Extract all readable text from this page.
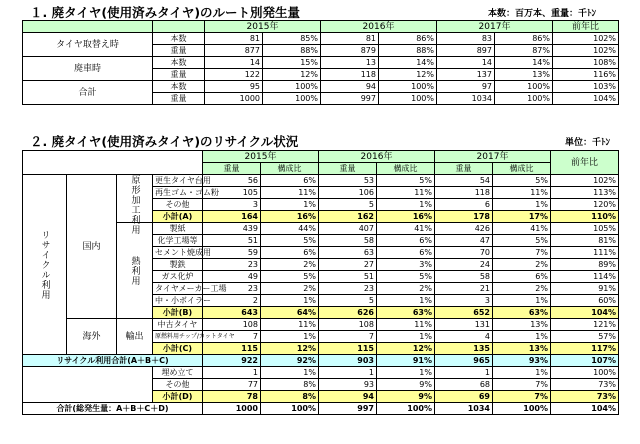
１. 廃タイヤ(使用済みタイヤ)のルート別発生量	本数：百万本、重量：千ﾄﾝ
		2015年		2016年		2017年		前年比
タイヤ取替え時	本数	81	85%	81	86%	83	86%	102%
	重量	877	88%	879	88%	897	87%	102%
廃車時	本数	14	15%	13	14%	14	14%	108%
	重量	122	12%	118	12%	137	13%	116%
合計	本数	95	100%	94	100%	97	100%	103%
	重量	1000	100%	997	100%	1034	100%	104%
２. 廃タイヤ(使用済みタイヤ)のリサイクル状況	単位：千ﾄﾝ
				2015年		2016年		2017年		前年比
				重量	構成比	重量	構成比	重量	構成比	
リサイクル利用	国内	原形加工利用	更生タイヤ台用	56	6%	53	5%	54	5%	102%
			再生ゴム・ゴム粉	105	11%	106	11%	118	11%	113%
			その他	3	1%	5	1%	6	1%	120%
			小計(A)	164	16%	162	16%	178	17%	110%
		熱利用	製紙	439	44%	407	41%	426	41%	105%
			化学工場等	51	5%	58	6%	47	5%	81%
			セメント焼成用	59	6%	63	6%	70	7%	111%
			製鉄	23	2%	27	3%	24	2%	89%
			ガス化炉	49	5%	51	5%	58	6%	114%
			タイヤメーカー工場	23	2%	23	2%	21	2%	91%
			中・小ボイラー	2	1%	5	1%	3	1%	60%
			小計(B)	643	64%	626	63%	652	63%	104%
	海外	輸出	中古タイヤ	108	11%	108	11%	131	13%	121%
			原燃料用チップ/カットタイヤ	7	1%	7	1%	4	1%	57%
			小計(C)	115	12%	115	12%	135	13%	117%
リサイクル利用合計(A＋B＋C)				922	92%	903	91%	965	93%	107%
			埋め立て	1	1%	1	1%	1	1%	100%
			その他	77	8%	93	9%	68	7%	73%
			小計(D)	78	8%	94	9%	69	7%	73%
合計(総発生量：A＋B＋C＋D)				1000	100%	997	100%	1034	100%	104%
